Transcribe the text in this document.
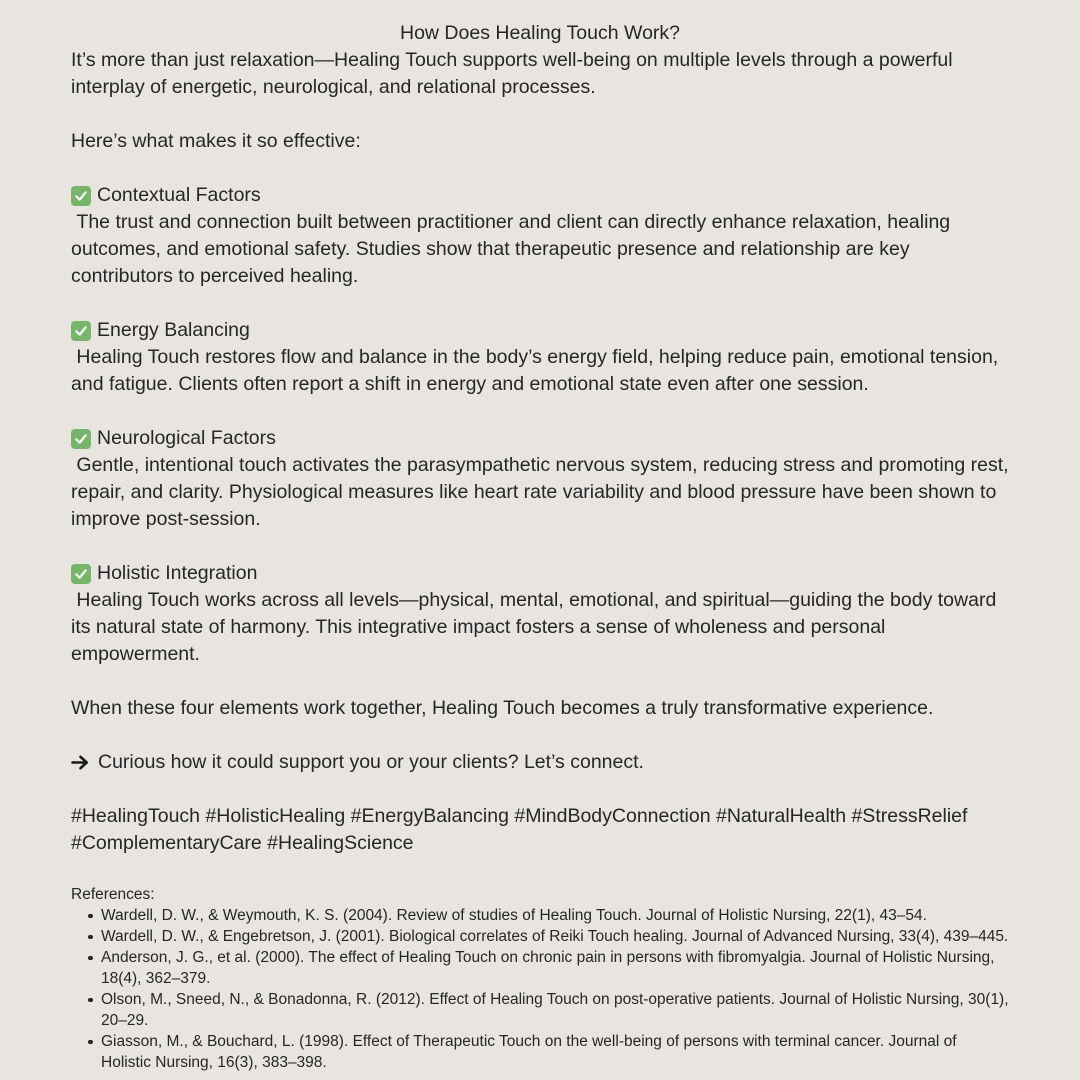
How Does Healing Touch Work?

It’s more than just relaxation—Healing Touch supports well-being on multiple levels through a powerful interplay of energetic, neurological, and relational processes.

Here’s what makes it so effective:

Contextual Factors

The trust and connection built between practitioner and client can directly enhance relaxation, healing outcomes, and emotional safety. Studies show that therapeutic presence and relationship are key contributors to perceived healing.

Energy Balancing

Healing Touch restores flow and balance in the body’s energy field, helping reduce pain, emotional tension, and fatigue. Clients often report a shift in energy and emotional state even after one session.

Neurological Factors

Gentle, intentional touch activates the parasympathetic nervous system, reducing stress and promoting rest, repair, and clarity. Physiological measures like heart rate variability and blood pressure have been shown to improve post-session.

Holistic Integration

Healing Touch works across all levels—physical, mental, emotional, and spiritual—guiding the body toward its natural state of harmony. This integrative impact fosters a sense of wholeness and personal empowerment.

When these four elements work together, Healing Touch becomes a truly transformative experience.

Curious how it could support you or your clients? Let’s connect.

#HealingTouch #HolisticHealing #EnergyBalancing #MindBodyConnection #NaturalHealth #StressRelief #ComplementaryCare #HealingScience

References:

Wardell, D. W., & Weymouth, K. S. (2004). Review of studies of Healing Touch. Journal of Holistic Nursing, 22(1), 43–54.
Wardell, D. W., & Engebretson, J. (2001). Biological correlates of Reiki Touch healing. Journal of Advanced Nursing, 33(4), 439–445.
Anderson, J. G., et al. (2000). The effect of Healing Touch on chronic pain in persons with fibromyalgia. Journal of Holistic Nursing, 18(4), 362–379.
Olson, M., Sneed, N., & Bonadonna, R. (2012). Effect of Healing Touch on post-operative patients. Journal of Holistic Nursing, 30(1), 20–29.
Giasson, M., & Bouchard, L. (1998). Effect of Therapeutic Touch on the well-being of persons with terminal cancer. Journal of Holistic Nursing, 16(3), 383–398.
